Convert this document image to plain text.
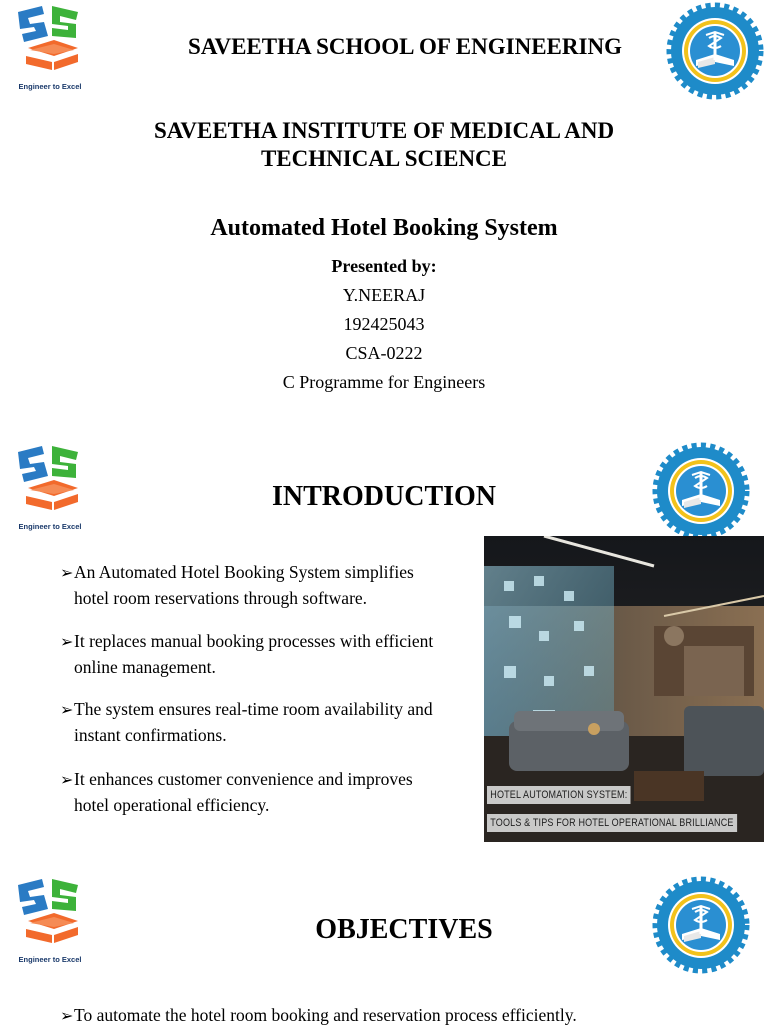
Engineer to Excel
SAVEETHA SCHOOL OF ENGINEERING
SAVEETHA INSTITUTE OF MEDICAL AND
TECHNICAL SCIENCE
Automated Hotel Booking System
Presented by:
Y.NEERAJ
192425043
CSA-0222
C Programme for Engineers
Engineer to Excel
INTRODUCTION
➢An Automated Hotel Booking System simplifies
hotel room reservations through software.
➢It replaces manual booking processes with efficient
online management.
➢The system ensures real-time room availability and
instant confirmations.
➢It enhances customer convenience and improves
hotel operational efficiency.	HOTEL AUTOMATION SYSTEM:
TOOLS & TIPS FOR HOTEL OPERATIONAL BRILLIANCE
Engineer to Excel
OBJECTIVES
➢To automate the hotel room booking and reservation process efficiently.
